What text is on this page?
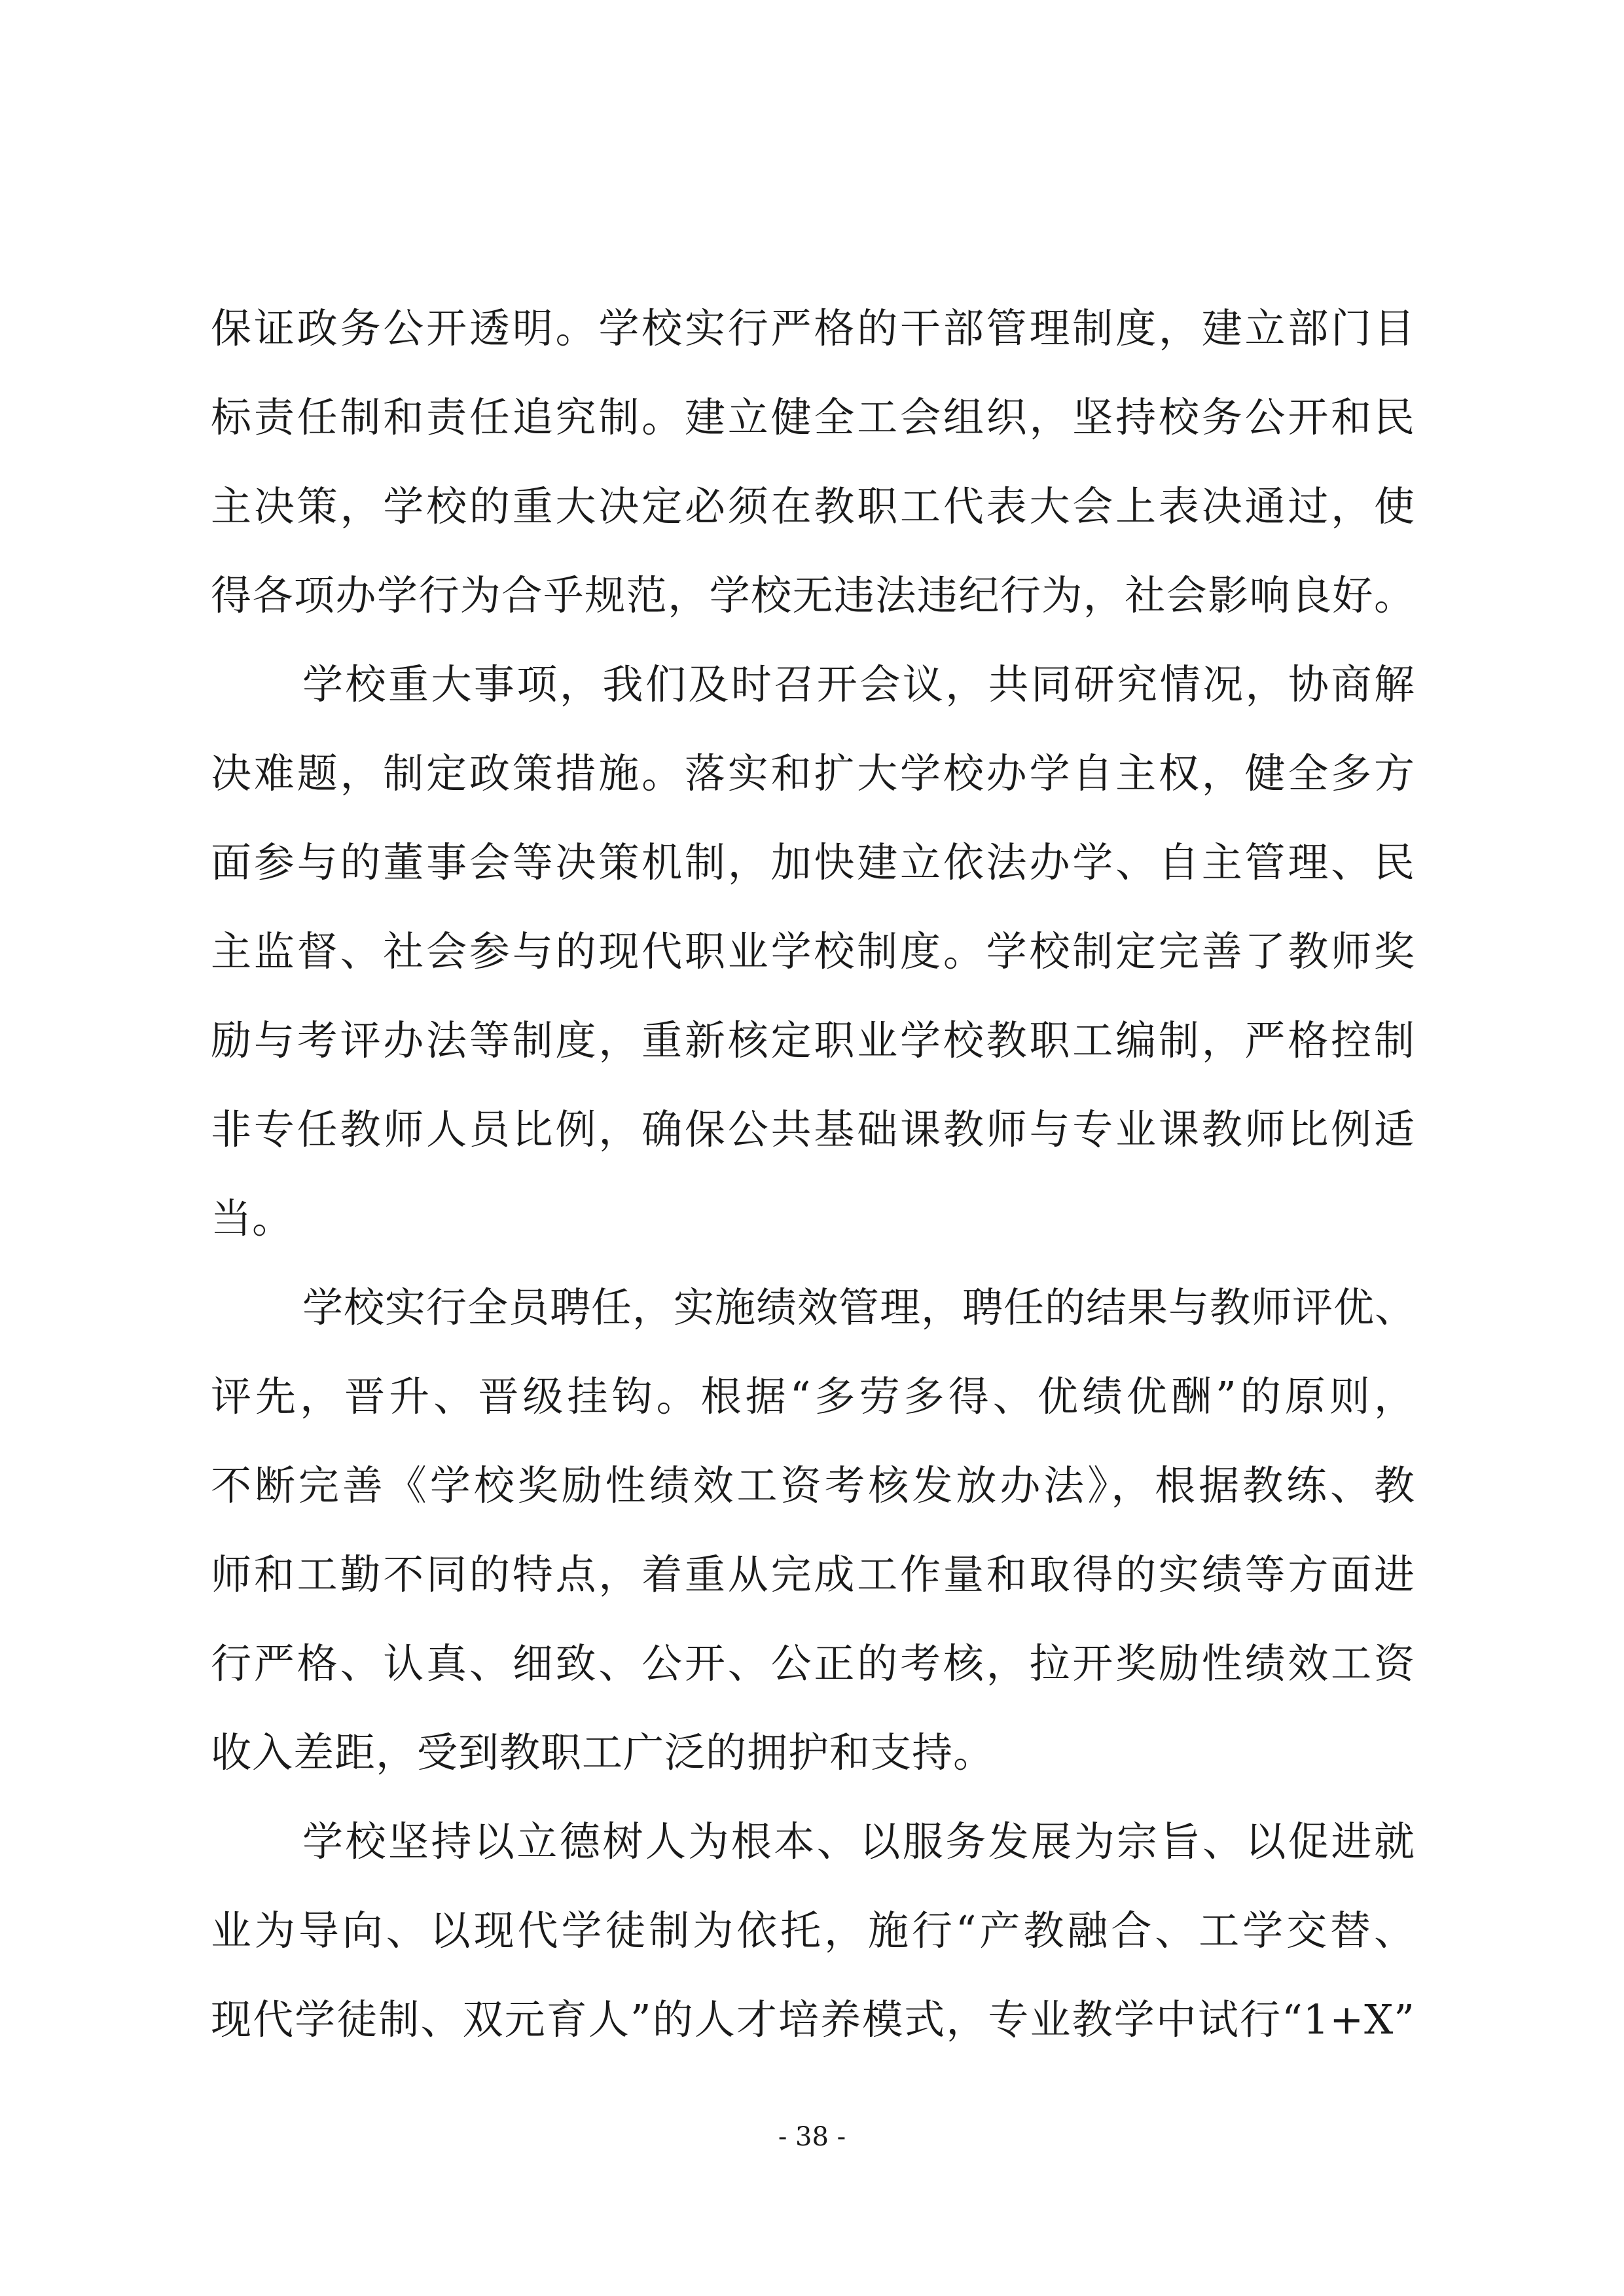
保证政务公开透明。学校实行严格的干部管理制度，建立部门目
标责任制和责任追究制。建立健全工会组织，坚持校务公开和民
主决策，学校的重大决定必须在教职工代表大会上表决通过，使
得各项办学行为合乎规范，学校无违法违纪行为，社会影响良好。
学校重大事项，我们及时召开会议，共同研究情况，协商解
决难题，制定政策措施。落实和扩大学校办学自主权，健全多方
面参与的董事会等决策机制，加快建立依法办学、自主管理、民
主监督、社会参与的现代职业学校制度。学校制定完善了教师奖
励与考评办法等制度，重新核定职业学校教职工编制，严格控制
非专任教师人员比例，确保公共基础课教师与专业课教师比例适
当。
学校实行全员聘任，实施绩效管理，聘任的结果与教师评优、
评先，晋升、晋级挂钩。根据“多劳多得、优绩优酬”的原则，
不断完善《学校奖励性绩效工资考核发放办法》，根据教练、教
师和工勤不同的特点，着重从完成工作量和取得的实绩等方面进
行严格、认真、细致、公开、公正的考核，拉开奖励性绩效工资
收入差距，受到教职工广泛的拥护和支持。
学校坚持以立德树人为根本、以服务发展为宗旨、以促进就
业为导向、以现代学徒制为依托，施行“产教融合、工学交替、
现代学徒制、双元育人”的人才培养模式，专业教学中试行“1+X”
- 38 -
